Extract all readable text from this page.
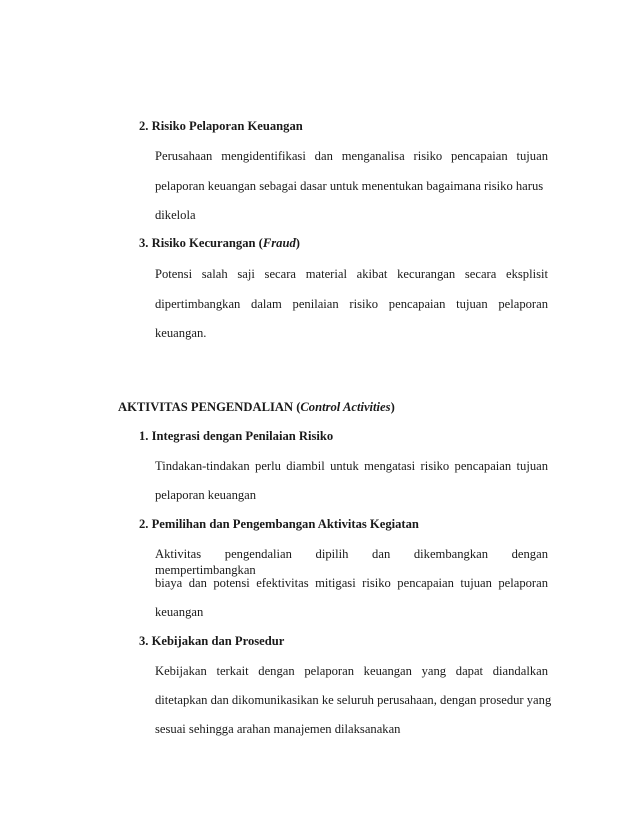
2. Risiko Pelaporan Keuangan
Perusahaan mengidentifikasi dan menganalisa risiko pencapaian tujuan
pelaporan keuangan sebagai dasar untuk menentukan bagaimana risiko harus
dikelola
3. Risiko Kecurangan (Fraud)
Potensi salah saji secara material akibat kecurangan secara eksplisit
dipertimbangkan dalam penilaian risiko pencapaian tujuan pelaporan
keuangan.
AKTIVITAS PENGENDALIAN (Control Activities)
1. Integrasi dengan Penilaian Risiko
Tindakan-tindakan perlu diambil untuk mengatasi risiko pencapaian tujuan
pelaporan keuangan
2. Pemilihan dan Pengembangan Aktivitas Kegiatan
Aktivitas pengendalian dipilih dan dikembangkan dengan mempertimbangkan
biaya dan potensi efektivitas mitigasi risiko pencapaian tujuan pelaporan
keuangan
3. Kebijakan dan Prosedur
Kebijakan terkait dengan pelaporan keuangan yang dapat diandalkan
ditetapkan dan dikomunikasikan ke seluruh perusahaan, dengan prosedur yang
sesuai sehingga arahan manajemen dilaksanakan
